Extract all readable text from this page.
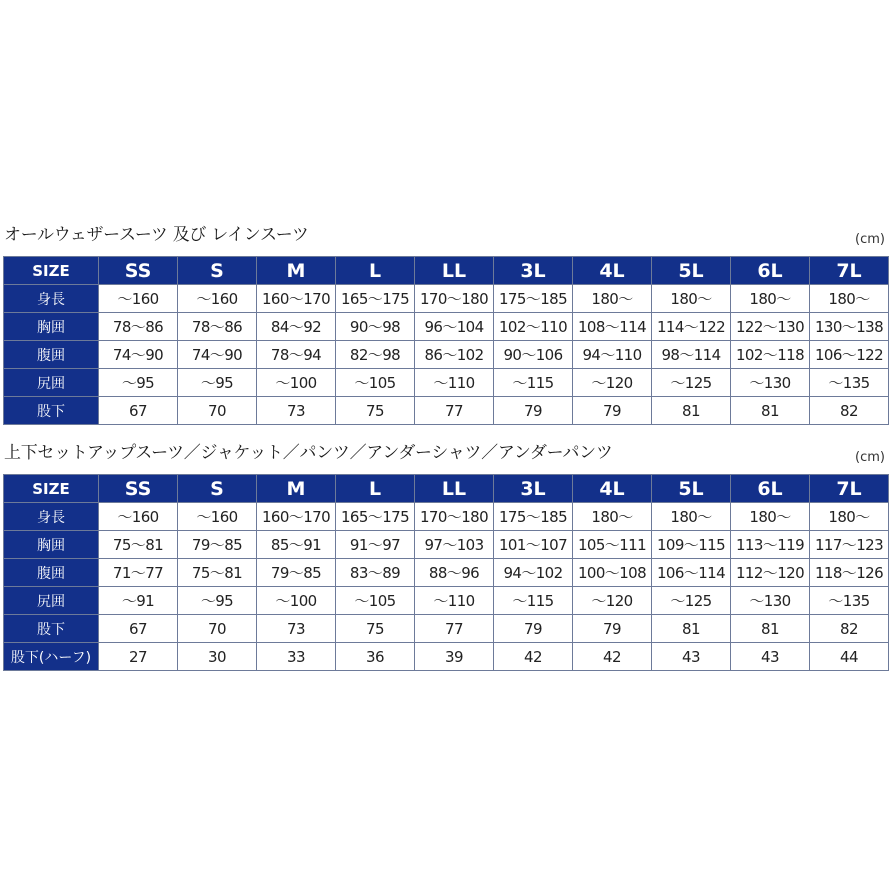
オールウェザースーツ 及び レインスーツ	(cm)
SIZE	SS	S	M	L	LL	3L	4L	5L	6L	7L
身長	〜160	〜160	160〜170	165〜175	170〜180	175〜185	180〜	180〜	180〜	180〜
胸囲	78〜86	78〜86	84〜92	90〜98	96〜104	102〜110	108〜114	114〜122	122〜130	130〜138
腹囲	74〜90	74〜90	78〜94	82〜98	86〜102	90〜106	94〜110	98〜114	102〜118	106〜122
尻囲	〜95	〜95	〜100	〜105	〜110	〜115	〜120	〜125	〜130	〜135
股下	67	70	73	75	77	79	79	81	81	82
上下セットアップスーツ／ジャケット／パンツ／アンダーシャツ／アンダーパンツ	(cm)
SIZE	SS	S	M	L	LL	3L	4L	5L	6L	7L
身長	〜160	〜160	160〜170	165〜175	170〜180	175〜185	180〜	180〜	180〜	180〜
胸囲	75〜81	79〜85	85〜91	91〜97	97〜103	101〜107	105〜111	109〜115	113〜119	117〜123
腹囲	71〜77	75〜81	79〜85	83〜89	88〜96	94〜102	100〜108	106〜114	112〜120	118〜126
尻囲	〜91	〜95	〜100	〜105	〜110	〜115	〜120	〜125	〜130	〜135
股下	67	70	73	75	77	79	79	81	81	82
股下(ハーフ)	27	30	33	36	39	42	42	43	43	44
